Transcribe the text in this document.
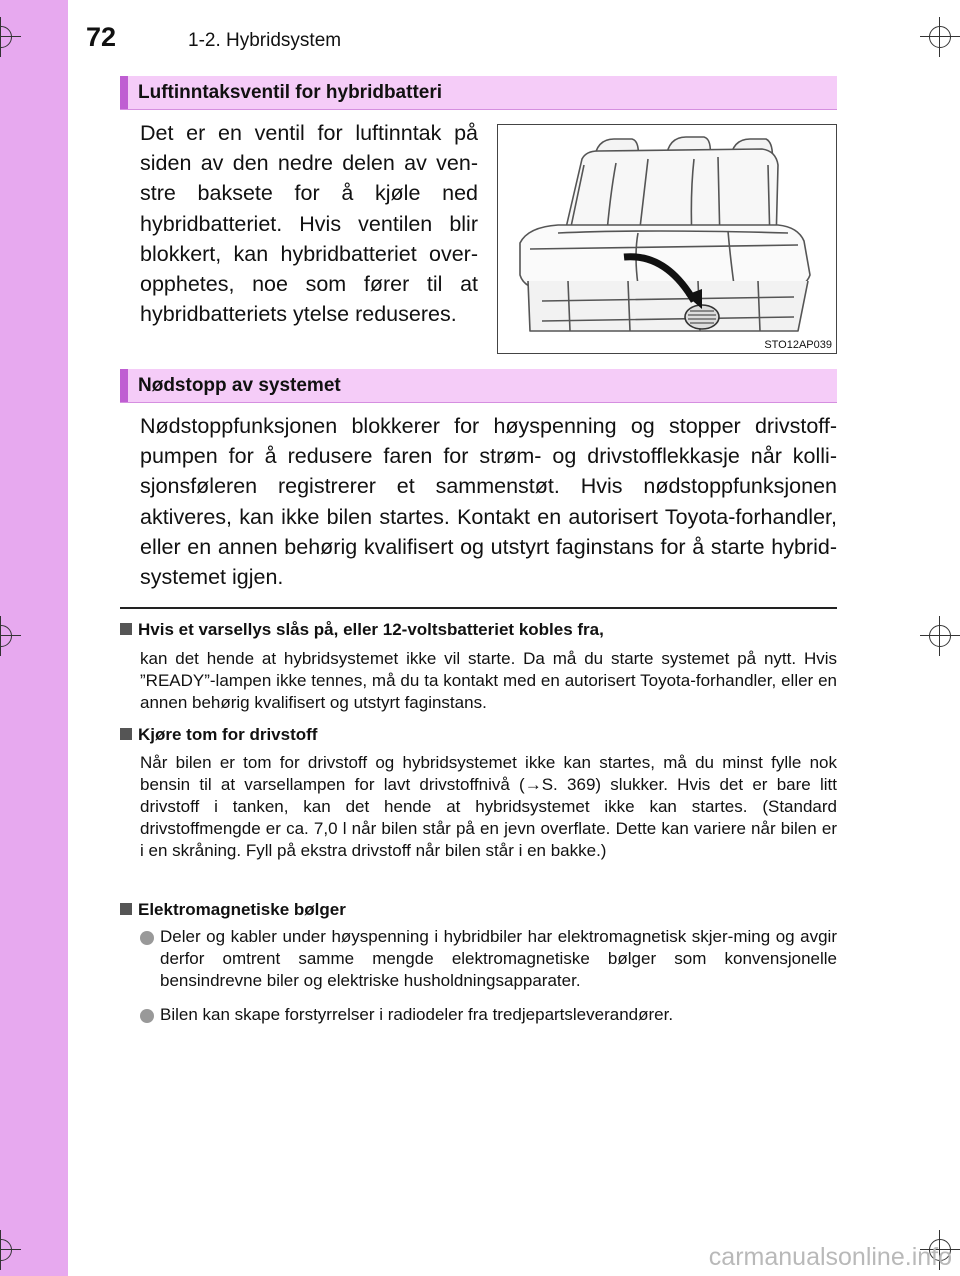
72	1-2. Hybridsystem
Luftinntaksventil for hybridbatteri
Det er en ventil for luftinntak på siden av den nedre delen av ven-stre baksete for å kjøle ned hybridbatteriet. Hvis ventilen blir blokkert, kan hybridbatteriet over-opphetes, noe som fører til at hybridbatteriets ytelse reduseres.
STO12AP039
Nødstopp av systemet
Nødstoppfunksjonen blokkerer for høyspenning og stopper drivstoff-pumpen for å redusere faren for strøm- og drivstofflekkasje når kolli-sjonsføleren registrerer et sammenstøt. Hvis nødstoppfunksjonen aktiveres, kan ikke bilen startes. Kontakt en autorisert Toyota-forhandler, eller en annen behørig kvalifisert og utstyrt faginstans for å starte hybrid-systemet igjen.
Hvis et varsellys slås på, eller 12-voltsbatteriet kobles fra,
kan det hende at hybridsystemet ikke vil starte. Da må du starte systemet på nytt. Hvis ”READY”-lampen ikke tennes, må du ta kontakt med en autorisert Toyota-forhandler, eller en annen behørig kvalifisert og utstyrt faginstans.
Kjøre tom for drivstoff
Når bilen er tom for drivstoff og hybridsystemet ikke kan startes, må du minst fylle nok bensin til at varsellampen for lavt drivstoffnivå (→S. 369) slukker. Hvis det er bare litt drivstoff i tanken, kan det hende at hybridsystemet ikke kan startes. (Standard drivstoffmengde er ca. 7,0 l når bilen står på en jevn overflate. Dette kan variere når bilen er i en skråning. Fyll på ekstra drivstoff når bilen står i en bakke.)
Elektromagnetiske bølger
Deler og kabler under høyspenning i hybridbiler har elektromagnetisk skjer-ming og avgir derfor omtrent samme mengde elektromagnetiske bølger som konvensjonelle bensindrevne biler og elektriske husholdningsapparater.
Bilen kan skape forstyrrelser i radiodeler fra tredjepartsleverandører.
carmanualsonline.info
